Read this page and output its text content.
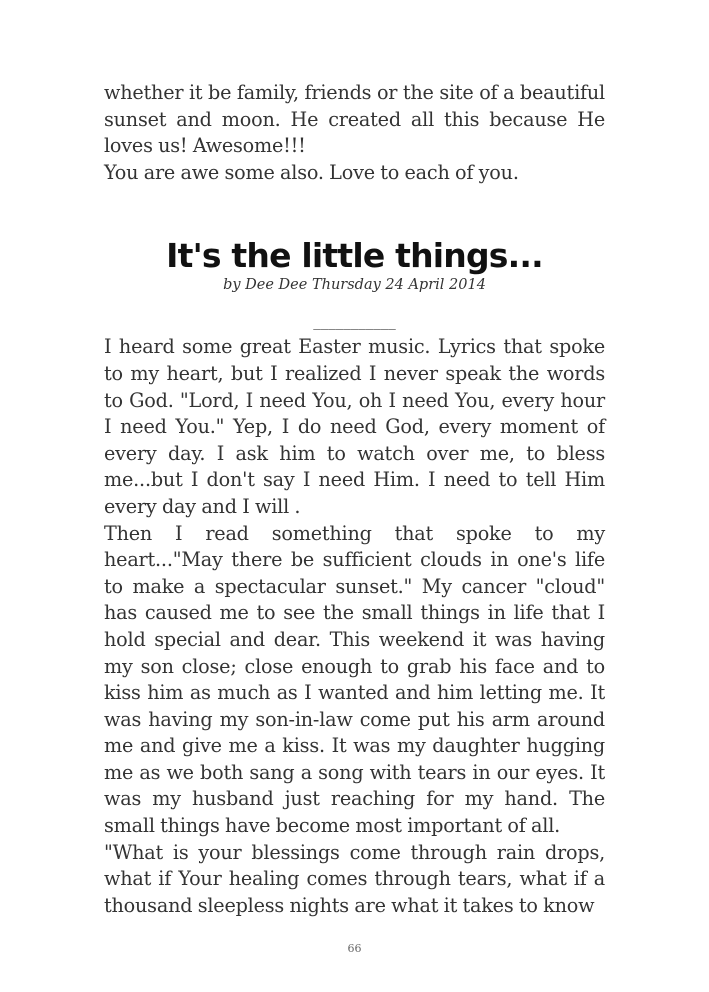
whether it be family, friends or the site of a beautiful sunset and moon. He created all this because He loves us! Awesome!!!

You are awe some also. Love to each of you.

It's the little things...

by Dee Dee Thursday 24 April 2014

___________

I heard some great Easter music. Lyrics that spoke to my heart, but I realized I never speak the words to God. "Lord, I need You, oh I need You, every hour I need You." Yep, I do need God, every moment of every day. I ask him to watch over me, to bless me...but I don't say I need Him. I need to tell Him every day and I will .

Then I read something that spoke to my heart..."May there be sufficient clouds in one's life to make a spectacular sunset." My cancer "cloud" has caused me to see the small things in life that I hold special and dear. This weekend it was having my son close; close enough to grab his face and to kiss him as much as I wanted and him letting me. It was having my son-in-law come put his arm around me and give me a kiss. It was my daughter hugging me as we both sang a song with tears in our eyes. It was my husband just reaching for my hand. The small things have become most important of all.

"What is your blessings come through rain drops, what if Your healing comes through tears, what if a thousand sleepless nights are what it takes to know

66
